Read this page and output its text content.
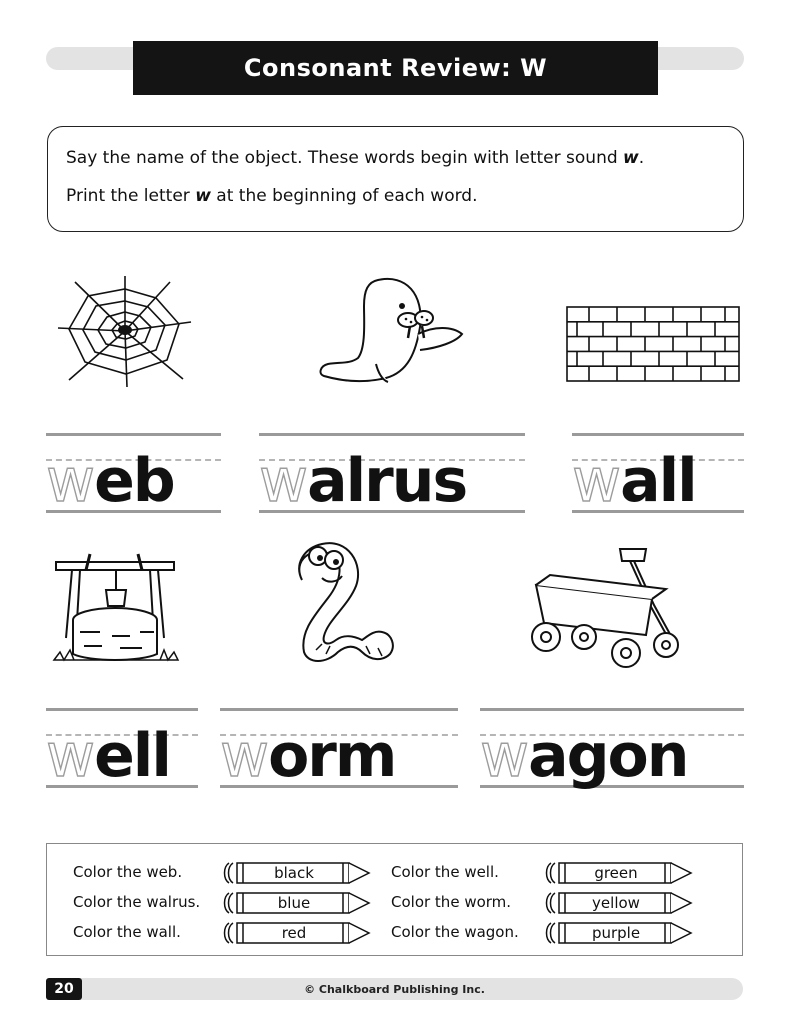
Consonant Review: W
Say the name of the object. These words begin with letter sound w.
Print the letter w at the beginning of each word.
w eb w alrus w all
w ell w orm w agon
Color the web.
Color the walrus.
Color the wall.
Color the well.
Color the worm.
Color the wagon.
black
blue
red
green
yellow
purple
© Chalkboard Publishing Inc.
20
